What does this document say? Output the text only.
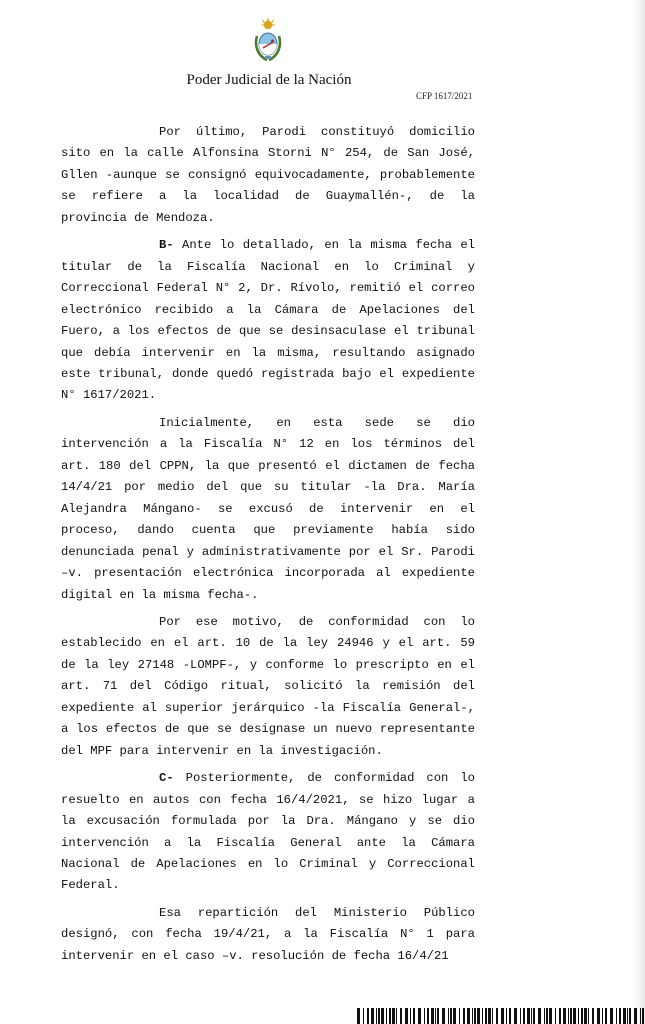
Poder Judicial de la Nación
CFP 1617/2021

Por último, Parodi constituyó domicilio sito en la calle Alfonsina Storni N° 254, de San José, Gllen -aunque se consignó equivocadamente, probablemente se refiere a la localidad de Guaymallén-, de la provincia de Mendoza.

B- Ante lo detallado, en la misma fecha el titular de la Fiscalía Nacional en lo Criminal y Correccional Federal N° 2, Dr. Rívolo, remitió el correo electrónico recibido a la Cámara de Apelaciones del Fuero, a los efectos de que se desinsaculase el tribunal que debía intervenir en la misma, resultando asignado este tribunal, donde quedó registrada bajo el expediente N° 1617/2021.

Inicialmente, en esta sede se dio intervención a la Fiscalía N° 12 en los términos del art. 180 del CPPN, la que presentó el dictamen de fecha 14/4/21 por medio del que su titular -la Dra. María Alejandra Mángano- se excusó de intervenir en el proceso, dando cuenta que previamente había sido denunciada penal y administrativamente por el Sr. Parodi –v. presentación electrónica incorporada al expediente digital en la misma fecha-.

Por ese motivo, de conformidad con lo establecido en el art. 10 de la ley 24946 y el art. 59 de la ley 27148 -LOMPF-, y conforme lo prescripto en el art. 71 del Código ritual, solicitó la remisión del expediente al superior jerárquico -la Fiscalía General-, a los efectos de que se designase un nuevo representante del MPF para intervenir en la investigación.

C- Posteriormente, de conformidad con lo resuelto en autos con fecha 16/4/2021, se hizo lugar a la excusación formulada por la Dra. Mángano y se dio intervención a la Fiscalía General ante la Cámara Nacional de Apelaciones en lo Criminal y Correccional Federal.

Esa repartición del Ministerio Público designó, con fecha 19/4/21, a la Fiscalía N° 1 para intervenir en el caso –v. resolución de fecha 16/4/21
